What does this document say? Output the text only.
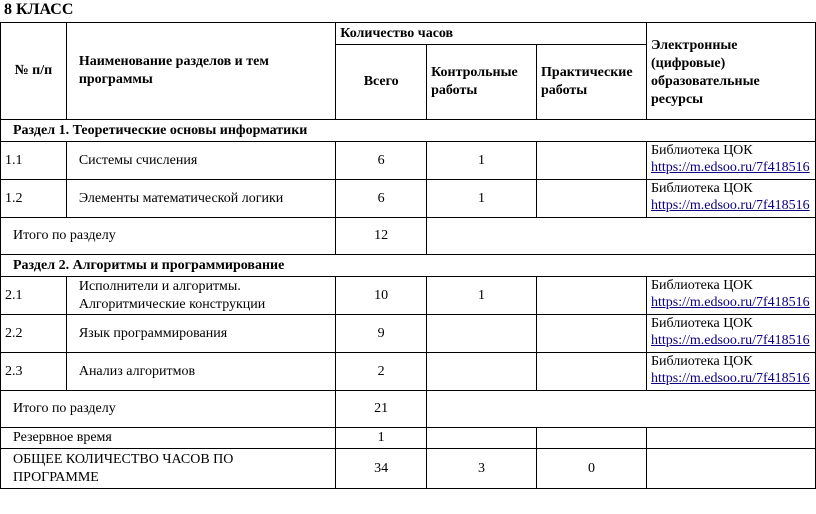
8 КЛАСС
№ п/п	Наименование разделов и тем программы	Количество часов			Электронные (цифровые) образовательные ресурсы
		Всего	Контрольные работы	Практические работы	
Раздел 1. Теоретические основы информатики					
1.1	Системы счисления	6	1		Библиотека ЦОК
https://m.edsoo.ru/7f418516

1.2	Элементы математической логики	6	1		Библиотека ЦОК
https://m.edsoo.ru/7f418516

Итого по разделу		12			
Раздел 2. Алгоритмы и программирование					
2.1	Исполнители и алгоритмы. Алгоритмические конструкции	10	1		Библиотека ЦОК
https://m.edsoo.ru/7f418516

2.2	Язык программирования	9			Библиотека ЦОК
https://m.edsoo.ru/7f418516

2.3	Анализ алгоритмов	2			Библиотека ЦОК
https://m.edsoo.ru/7f418516

Итого по разделу		21			
Резервное время		1			
ОБЩЕЕ КОЛИЧЕСТВО ЧАСОВ ПО ПРОГРАММЕ		34	3	0	
